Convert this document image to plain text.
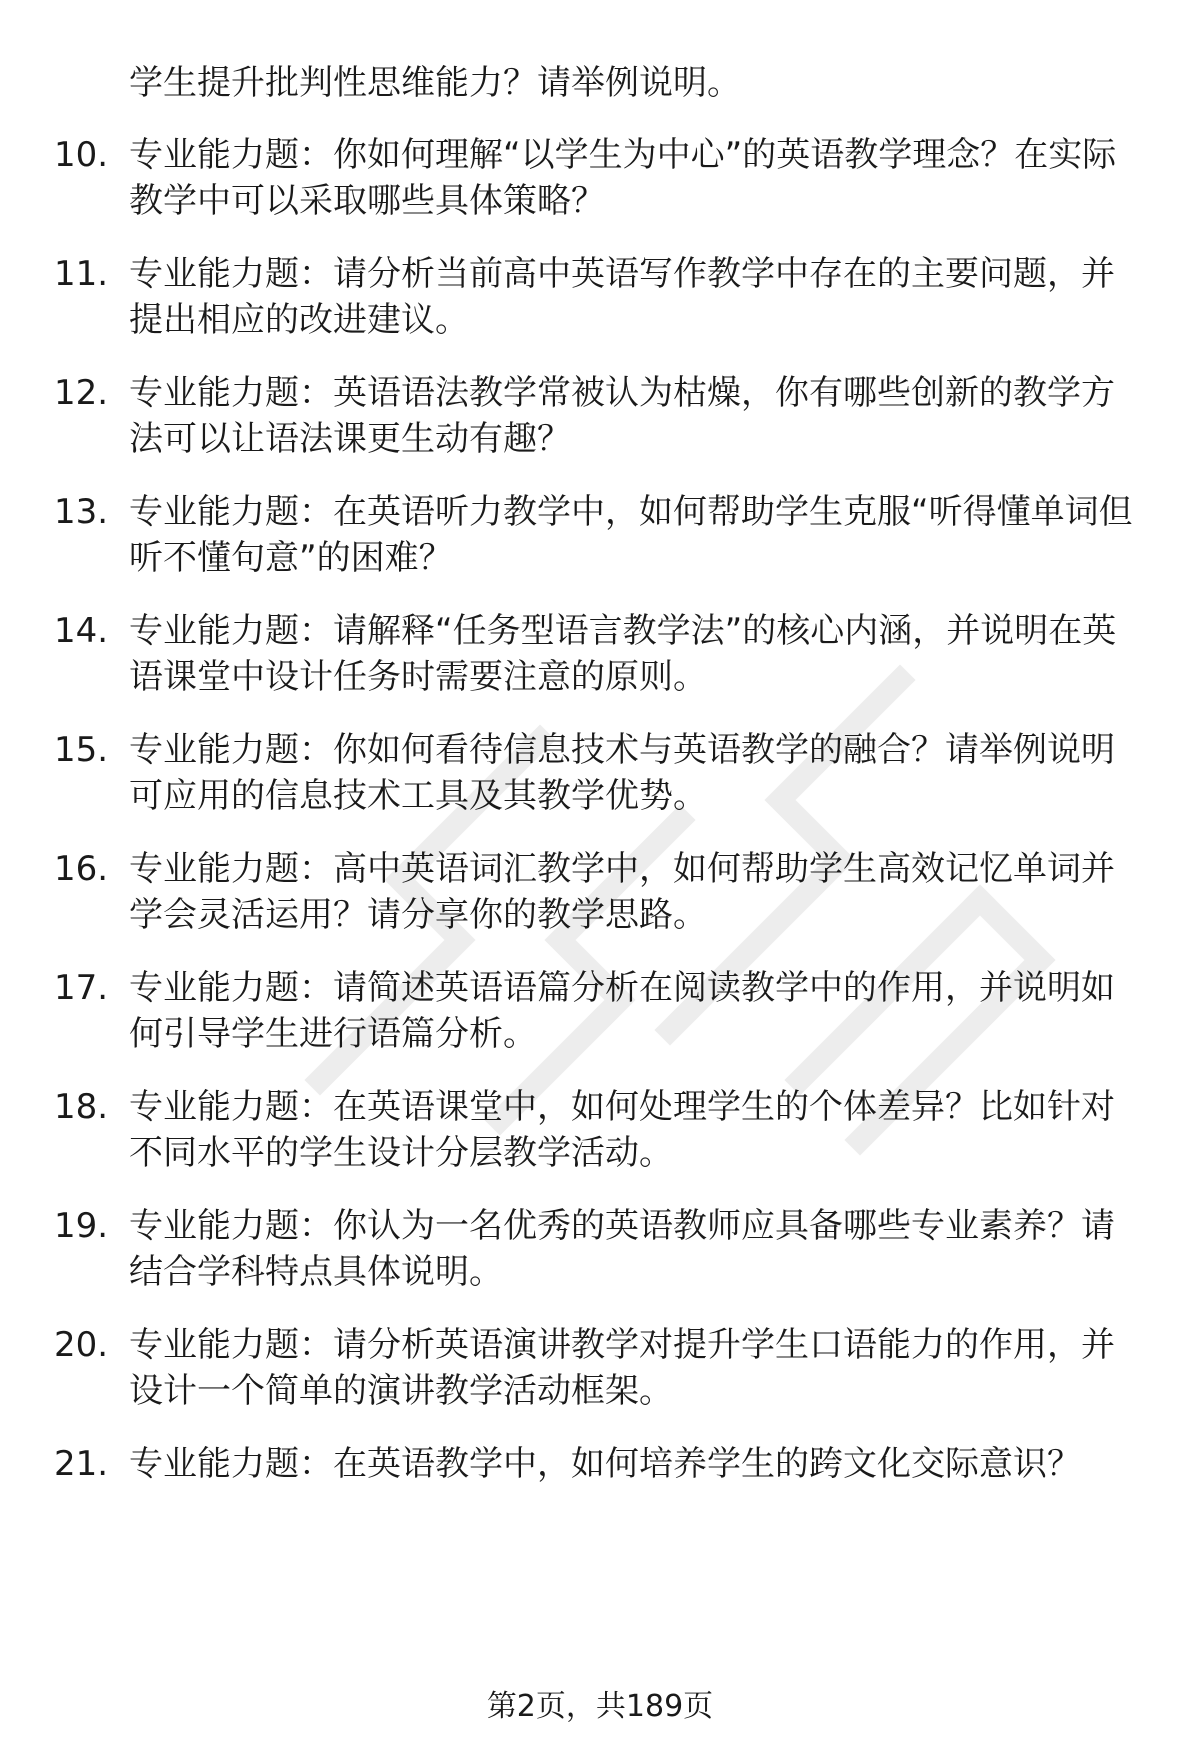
学生提升批判性思维能力？请举例说明。

10. 专业能力题：你如何理解“以学生为中心”的英语教学理念？在实际教学中可以采取哪些具体策略？

11. 专业能力题：请分析当前高中英语写作教学中存在的主要问题，并提出相应的改进建议。

12. 专业能力题：英语语法教学常被认为枯燥，你有哪些创新的教学方法可以让语法课更生动有趣？

13. 专业能力题：在英语听力教学中，如何帮助学生克服“听得懂单词但听不懂句意”的困难？

14. 专业能力题：请解释“任务型语言教学法”的核心内涵，并说明在英语课堂中设计任务时需要注意的原则。

15. 专业能力题：你如何看待信息技术与英语教学的融合？请举例说明可应用的信息技术工具及其教学优势。

16. 专业能力题：高中英语词汇教学中，如何帮助学生高效记忆单词并学会灵活运用？请分享你的教学思路。

17. 专业能力题：请简述英语语篇分析在阅读教学中的作用，并说明如何引导学生进行语篇分析。

18. 专业能力题：在英语课堂中，如何处理学生的个体差异？比如针对不同水平的学生设计分层教学活动。

19. 专业能力题：你认为一名优秀的英语教师应具备哪些专业素养？请结合学科特点具体说明。

20. 专业能力题：请分析英语演讲教学对提升学生口语能力的作用，并设计一个简单的演讲教学活动框架。

21. 专业能力题：在英语教学中，如何培养学生的跨文化交际意识？

第2页，共189页
